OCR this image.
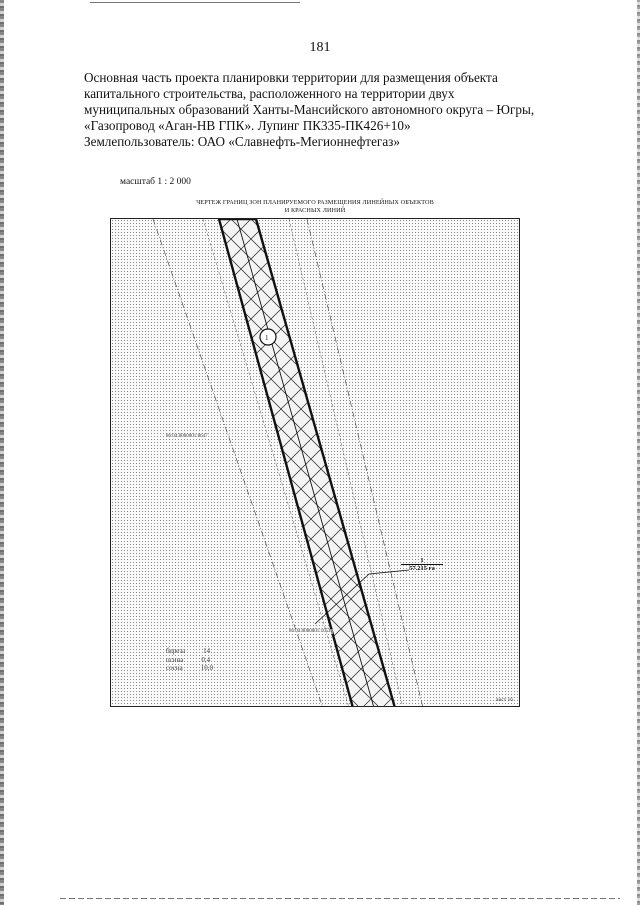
181
Основная часть проекта планировки территории для размещения объекта
капитального строительства, расположенного на территории двух
муниципальных образований Ханты-Мансийского автономного округа – Югры,
«Газопровод «Аган-НВ ГПК». Лупинг ПК335-ПК426+10»
Землепользователь: ОАО «Славнефть-Мегионнефтегаз»
масштаб 1 : 2 000
ЧЕРТЕЖ ГРАНИЦ ЗОН ПЛАНИРУЕМОГО РАЗМЕЩЕНИЯ ЛИНЕЙНЫХ ОБЪЕКТОВ
И КРАСНЫХ ЛИНИЙ
1
86:04:0000001:8647
86:04:0000001:10517
1
57.215 га
береза	14
осина	0,4
сосна	10,0
лист 16
